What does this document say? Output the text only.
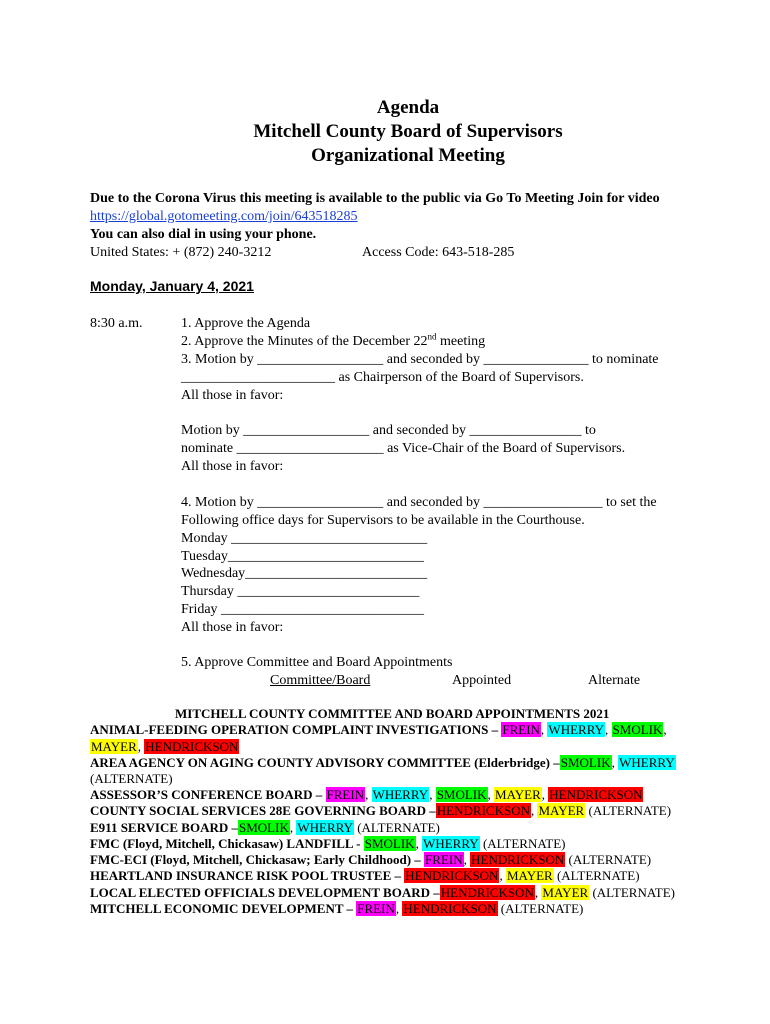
Agenda
Mitchell County Board of Supervisors
Organizational Meeting
Due to the Corona Virus this meeting is available to the public via Go To Meeting Join for video
https://global.gotomeeting.com/join/643518285
You can also dial in using your phone.
United States: + (872) 240-3212	Access Code: 643-518-285
Monday, January 4, 2021
8:30 a.m.	1. Approve the Agenda
2. Approve the Minutes of the December 22nd meeting
3. Motion by __________________ and seconded by _______________ to nominate
______________________ as Chairperson of the Board of Supervisors.
All those in favor:
Motion by __________________ and seconded by ________________ to
nominate _____________________ as Vice-Chair of the Board of Supervisors.
All those in favor:
4. Motion by __________________ and seconded by _________________ to set the
Following office days for Supervisors to be available in the Courthouse.
Monday ____________________________
Tuesday____________________________
Wednesday__________________________
Thursday __________________________
Friday _____________________________
All those in favor:
5. Approve Committee and Board Appointments
Committee/Board	Appointed	Alternate
MITCHELL COUNTY COMMITTEE AND BOARD APPOINTMENTS 2021
ANIMAL-FEEDING OPERATION COMPLAINT INVESTIGATIONS – FREIN, WHERRY, SMOLIK,
MAYER, HENDRICKSON
AREA AGENCY ON AGING COUNTY ADVISORY COMMITTEE (Elderbridge) –SMOLIK, WHERRY
(ALTERNATE)
ASSESSOR’S CONFERENCE BOARD – FREIN, WHERRY, SMOLIK, MAYER, HENDRICKSON
COUNTY SOCIAL SERVICES 28E GOVERNING BOARD –HENDRICKSON, MAYER (ALTERNATE)
E911 SERVICE BOARD –SMOLIK, WHERRY (ALTERNATE)
FMC (Floyd, Mitchell, Chickasaw) LANDFILL - SMOLIK, WHERRY (ALTERNATE)
FMC-ECI (Floyd, Mitchell, Chickasaw; Early Childhood) – FREIN, HENDRICKSON (ALTERNATE)
HEARTLAND INSURANCE RISK POOL TRUSTEE – HENDRICKSON, MAYER (ALTERNATE)
LOCAL ELECTED OFFICIALS DEVELOPMENT BOARD –HENDRICKSON, MAYER (ALTERNATE)
MITCHELL ECONOMIC DEVELOPMENT – FREIN, HENDRICKSON (ALTERNATE)
